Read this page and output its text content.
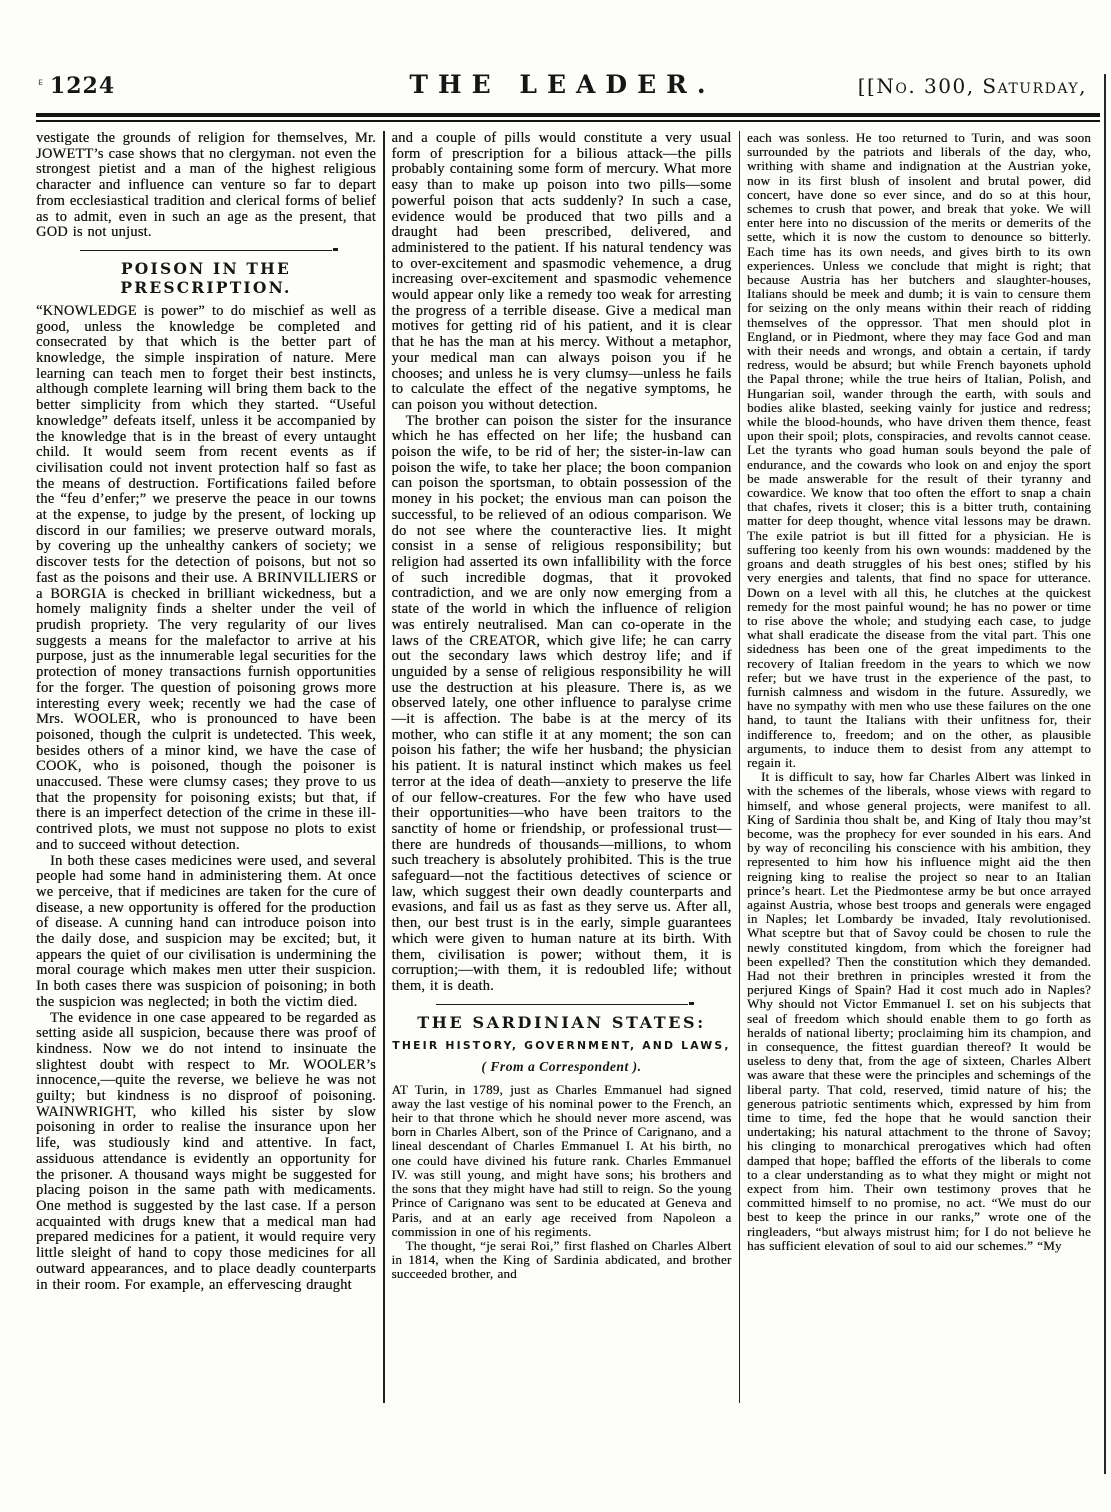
ᴇ 1224	THE LEADER.	[[No. 300, Saturday,

vestigate the grounds of religion for themselves, Mr. JOWETT’s case shows that no clergyman. not even the strongest pietist and a man of the highest religious character and influence can venture so far to depart from ecclesiastical tradition and clerical forms of belief as to admit, even in such an age as the present, that GOD is not unjust.

POISON IN THE PRESCRIPTION.

“KNOWLEDGE is power” to do mischief as well as good, unless the knowledge be completed and consecrated by that which is the better part of knowledge, the simple inspiration of nature. Mere learning can teach men to forget their best instincts, although complete learning will bring them back to the better simplicity from which they started. “Useful knowledge” defeats itself, unless it be accompanied by the knowledge that is in the breast of every untaught child. It would seem from recent events as if civilisation could not invent protection half so fast as the means of destruction. Fortifications failed before the “feu d’enfer;” we preserve the peace in our towns at the expense, to judge by the present, of locking up discord in our families; we preserve outward morals, by covering up the unhealthy cankers of society; we discover tests for the detection of poisons, but not so fast as the poisons and their use. A BRINVILLIERS or a BORGIA is checked in brilliant wickedness, but a homely malignity finds a shelter under the veil of prudish propriety. The very regularity of our lives suggests a means for the malefactor to arrive at his purpose, just as the innumerable legal securities for the protection of money transactions furnish opportunities for the forger. The question of poisoning grows more interesting every week; recently we had the case of Mrs. WOOLER, who is pronounced to have been poisoned, though the culprit is undetected. This week, besides others of a minor kind, we have the case of COOK, who is poisoned, though the poisoner is unaccused. These were clumsy cases; they prove to us that the propensity for poisoning exists; but that, if there is an imperfect detection of the crime in these ill-contrived plots, we must not suppose no plots to exist and to succeed without detection.

In both these cases medicines were used, and several people had some hand in administering them. At once we perceive, that if medicines are taken for the cure of disease, a new opportunity is offered for the production of disease. A cunning hand can introduce poison into the daily dose, and suspicion may be excited; but, it appears the quiet of our civilisation is undermining the moral courage which makes men utter their suspicion. In both cases there was suspicion of poisoning; in both the suspicion was neglected; in both the victim died.

The evidence in one case appeared to be regarded as setting aside all suspicion, because there was proof of kindness. Now we do not intend to insinuate the slightest doubt with respect to Mr. WOOLER’s innocence,—quite the reverse, we believe he was not guilty; but kindness is no disproof of poisoning. WAINWRIGHT, who killed his sister by slow poisoning in order to realise the insurance upon her life, was studiously kind and attentive. In fact, assiduous attendance is evidently an opportunity for the prisoner. A thousand ways might be suggested for placing poison in the same path with medicaments. One method is suggested by the last case. If a person acquainted with drugs knew that a medical man had prepared medicines for a patient, it would require very little sleight of hand to copy those medicines for all outward appearances, and to place deadly counterparts in their room. For example, an effervescing draught

and a couple of pills would constitute a very usual form of prescription for a bilious attack—the pills probably containing some form of mercury. What more easy than to make up poison into two pills—some powerful poison that acts suddenly? In such a case, evidence would be produced that two pills and a draught had been prescribed, delivered, and administered to the patient. If his natural tendency was to over-excitement and spasmodic vehemence, a drug increasing over-excitement and spasmodic vehemence would appear only like a remedy too weak for arresting the progress of a terrible disease. Give a medical man motives for getting rid of his patient, and it is clear that he has the man at his mercy. Without a metaphor, your medical man can always poison you if he chooses; and unless he is very clumsy—unless he fails to calculate the effect of the negative symptoms, he can poison you without detection.

The brother can poison the sister for the insurance which he has effected on her life; the husband can poison the wife, to be rid of her; the sister-in-law can poison the wife, to take her place; the boon companion can poison the sportsman, to obtain possession of the money in his pocket; the envious man can poison the successful, to be relieved of an odious comparison. We do not see where the counteractive lies. It might consist in a sense of religious responsibility; but religion had asserted its own infallibility with the force of such incredible dogmas, that it provoked contradiction, and we are only now emerging from a state of the world in which the influence of religion was entirely neutralised. Man can co-operate in the laws of the CREATOR, which give life; he can carry out the secondary laws which destroy life; and if unguided by a sense of religious responsibility he will use the destruction at his pleasure. There is, as we observed lately, one other influence to paralyse crime—it is affection. The babe is at the mercy of its mother, who can stifle it at any moment; the son can poison his father; the wife her husband; the physician his patient. It is natural instinct which makes us feel terror at the idea of death—anxiety to preserve the life of our fellow-creatures. For the few who have used their opportunities—who have been traitors to the sanctity of home or friendship, or professional trust—there are hundreds of thousands—millions, to whom such treachery is absolutely prohibited. This is the true safeguard—not the factitious detectives of science or law, which suggest their own deadly counterparts and evasions, and fail us as fast as they serve us. After all, then, our best trust is in the early, simple guarantees which were given to human nature at its birth. With them, civilisation is power; without them, it is corruption;—with them, it is redoubled life; without them, it is death.

THE SARDINIAN STATES:
THEIR HISTORY, GOVERNMENT, AND LAWS,
( From a Correspondent ).

AT Turin, in 1789, just as Charles Emmanuel had signed away the last vestige of his nominal power to the French, an heir to that throne which he should never more ascend, was born in Charles Albert, son of the Prince of Carignano, and a lineal descendant of Charles Emmanuel I. At his birth, no one could have divined his future rank. Charles Emmanuel IV. was still young, and might have sons; his brothers and the sons that they might have had still to reign. So the young Prince of Carignano was sent to be educated at Geneva and Paris, and at an early age received from Napoleon a commission in one of his regiments.

The thought, “je serai Roi,” first flashed on Charles Albert in 1814, when the King of Sardinia abdicated, and brother succeeded brother, and

each was sonless. He too returned to Turin, and was soon surrounded by the patriots and liberals of the day, who, writhing with shame and indignation at the Austrian yoke, now in its first blush of insolent and brutal power, did concert, have done so ever since, and do so at this hour, schemes to crush that power, and break that yoke. We will enter here into no discussion of the merits or demerits of the sette, which it is now the custom to denounce so bitterly. Each time has its own needs, and gives birth to its own experiences. Unless we conclude that might is right; that because Austria has her butchers and slaughter-houses, Italians should be meek and dumb; it is vain to censure them for seizing on the only means within their reach of ridding themselves of the oppressor. That men should plot in England, or in Piedmont, where they may face God and man with their needs and wrongs, and obtain a certain, if tardy redress, would be absurd; but while French bayonets uphold the Papal throne; while the true heirs of Italian, Polish, and Hungarian soil, wander through the earth, with souls and bodies alike blasted, seeking vainly for justice and redress; while the blood-hounds, who have driven them thence, feast upon their spoil; plots, conspiracies, and revolts cannot cease. Let the tyrants who goad human souls beyond the pale of endurance, and the cowards who look on and enjoy the sport be made answerable for the result of their tyranny and cowardice. We know that too often the effort to snap a chain that chafes, rivets it closer; this is a bitter truth, containing matter for deep thought, whence vital lessons may be drawn. The exile patriot is but ill fitted for a physician. He is suffering too keenly from his own wounds: maddened by the groans and death struggles of his best ones; stifled by his very energies and talents, that find no space for utterance. Down on a level with all this, he clutches at the quickest remedy for the most painful wound; he has no power or time to rise above the whole; and studying each case, to judge what shall eradicate the disease from the vital part. This one sidedness has been one of the great impediments to the recovery of Italian freedom in the years to which we now refer; but we have trust in the experience of the past, to furnish calmness and wisdom in the future. Assuredly, we have no sympathy with men who use these failures on the one hand, to taunt the Italians with their unfitness for, their indifference to, freedom; and on the other, as plausible arguments, to induce them to desist from any attempt to regain it.

It is difficult to say, how far Charles Albert was linked in with the schemes of the liberals, whose views with regard to himself, and whose general projects, were manifest to all. King of Sardinia thou shalt be, and King of Italy thou may’st become, was the prophecy for ever sounded in his ears. And by way of reconciling his conscience with his ambition, they represented to him how his influence might aid the then reigning king to realise the project so near to an Italian prince’s heart. Let the Piedmontese army be but once arrayed against Austria, whose best troops and generals were engaged in Naples; let Lombardy be invaded, Italy revolutionised. What sceptre but that of Savoy could be chosen to rule the newly constituted kingdom, from which the foreigner had been expelled? Then the constitution which they demanded. Had not their brethren in principles wrested it from the perjured Kings of Spain? Had it cost much ado in Naples? Why should not Victor Emmanuel I. set on his subjects that seal of freedom which should enable them to go forth as heralds of national liberty; proclaiming him its champion, and in consequence, the fittest guardian thereof? It would be useless to deny that, from the age of sixteen, Charles Albert was aware that these were the principles and schemings of the liberal party. That cold, reserved, timid nature of his; the generous patriotic sentiments which, expressed by him from time to time, fed the hope that he would sanction their undertaking; his natural attachment to the throne of Savoy; his clinging to monarchical prerogatives which had often damped that hope; baffled the efforts of the liberals to come to a clear understanding as to what they might or might not expect from him. Their own testimony proves that he committed himself to no promise, no act. “We must do our best to keep the prince in our ranks,” wrote one of the ringleaders, “but always mistrust him; for I do not believe he has sufficient elevation of soul to aid our schemes.” “My
